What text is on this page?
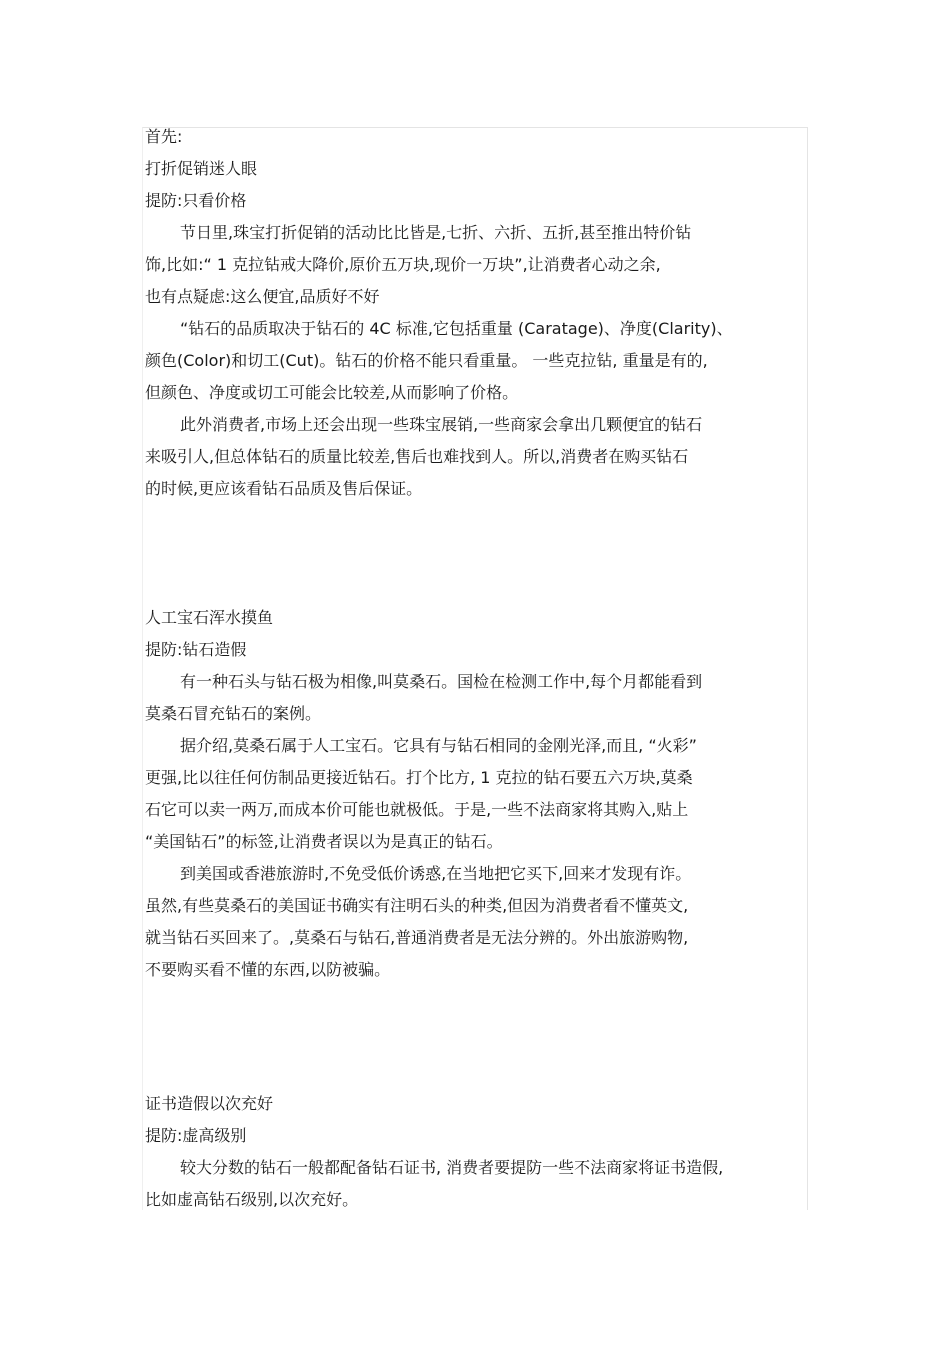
首先:
打折促销迷人眼
提防:只看价格
节日里,珠宝打折促销的活动比比皆是,七折、六折、五折,甚至推出特价钻
饰,比如:“ 1 克拉钻戒大降价,原价五万块,现价一万块”,让消费者心动之余,
也有点疑虑:这么便宜,品质好不好
“钻石的品质取决于钻石的 4C 标准,它包括重量 (Caratage)、净度(Clarity)、
颜色(Color)和切工(Cut)。钻石的价格不能只看重量。 一些克拉钻, 重量是有的,
但颜色、净度或切工可能会比较差,从而影响了价格。
此外消费者,市场上还会出现一些珠宝展销,一些商家会拿出几颗便宜的钻石
来吸引人,但总体钻石的质量比较差,售后也难找到人。所以,消费者在购买钻石
的时候,更应该看钻石品质及售后保证。
人工宝石浑水摸鱼
提防:钻石造假
有一种石头与钻石极为相像,叫莫桑石。国检在检测工作中,每个月都能看到
莫桑石冒充钻石的案例。
据介绍,莫桑石属于人工宝石。它具有与钻石相同的金刚光泽,而且, “火彩”
更强,比以往任何仿制品更接近钻石。打个比方, 1 克拉的钻石要五六万块,莫桑
石它可以卖一两万,而成本价可能也就极低。于是,一些不法商家将其购入,贴上
“美国钻石”的标签,让消费者误以为是真正的钻石。
到美国或香港旅游时,不免受低价诱惑,在当地把它买下,回来才发现有诈。
虽然,有些莫桑石的美国证书确实有注明石头的种类,但因为消费者看不懂英文,
就当钻石买回来了。,莫桑石与钻石,普通消费者是无法分辨的。外出旅游购物,
不要购买看不懂的东西,以防被骗。
证书造假以次充好
提防:虚高级别
较大分数的钻石一般都配备钻石证书, 消费者要提防一些不法商家将证书造假,
比如虚高钻石级别,以次充好。
